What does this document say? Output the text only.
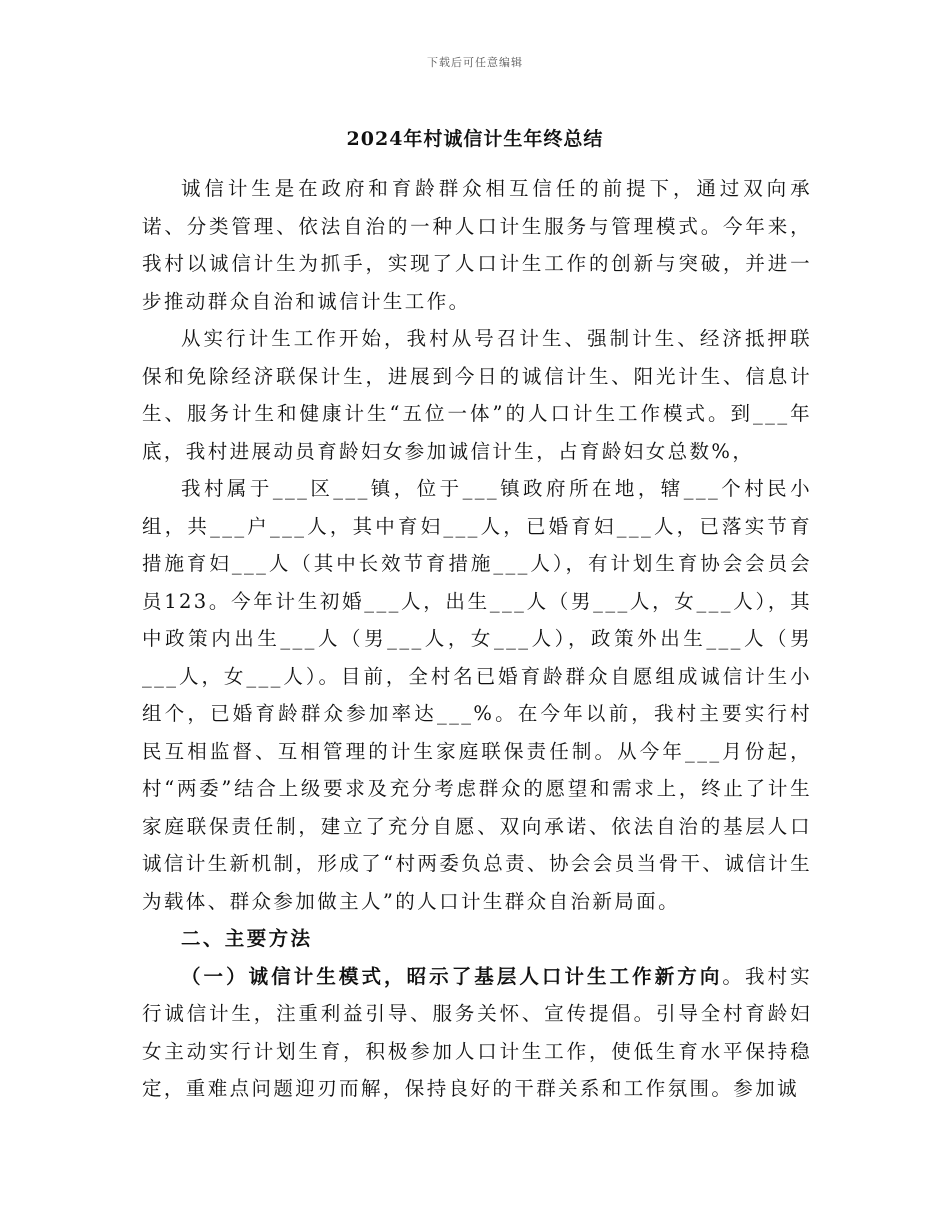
下载后可任意编辑
2024年村诚信计生年终总结

诚信计生是在政府和育龄群众相互信任的前提下，通过双向承诺、分类管理、依法自治的一种人口计生服务与管理模式。今年来，我村以诚信计生为抓手，实现了人口计生工作的创新与突破，并进一步推动群众自治和诚信计生工作。

从实行计生工作开始，我村从号召计生、强制计生、经济抵押联保和免除经济联保计生，进展到今日的诚信计生、阳光计生、信息计生、服务计生和健康计生“五位一体”的人口计生工作模式。到___年底，我村进展动员育龄妇女参加诚信计生，占育龄妇女总数%，

我村属于___区___镇，位于___镇政府所在地，辖___个村民小组，共___户___人，其中育妇___人，已婚育妇___人，已落实节育措施育妇___人（其中长效节育措施___人），有计划生育协会会员会员123。今年计生初婚___人，出生___人（男___人，女___人），其中政策内出生___人（男___人，女___人），政策外出生___人（男___人，女___人）。目前，全村名已婚育龄群众自愿组成诚信计生小组个，已婚育龄群众参加率达___%。在今年以前，我村主要实行村民互相监督、互相管理的计生家庭联保责任制。从今年___月份起，村“两委”结合上级要求及充分考虑群众的愿望和需求上，终止了计生家庭联保责任制，建立了充分自愿、双向承诺、依法自治的基层人口诚信计生新机制，形成了“村两委负总责、协会会员当骨干、诚信计生为载体、群众参加做主人”的人口计生群众自治新局面。

二、主要方法

（一）诚信计生模式，昭示了基层人口计生工作新方向。我村实行诚信计生，注重利益引导、服务关怀、宣传提倡。引导全村育龄妇女主动实行计划生育，积极参加人口计生工作，使低生育水平保持稳定，重难点问题迎刃而解，保持良好的干群关系和工作氛围。参加诚
